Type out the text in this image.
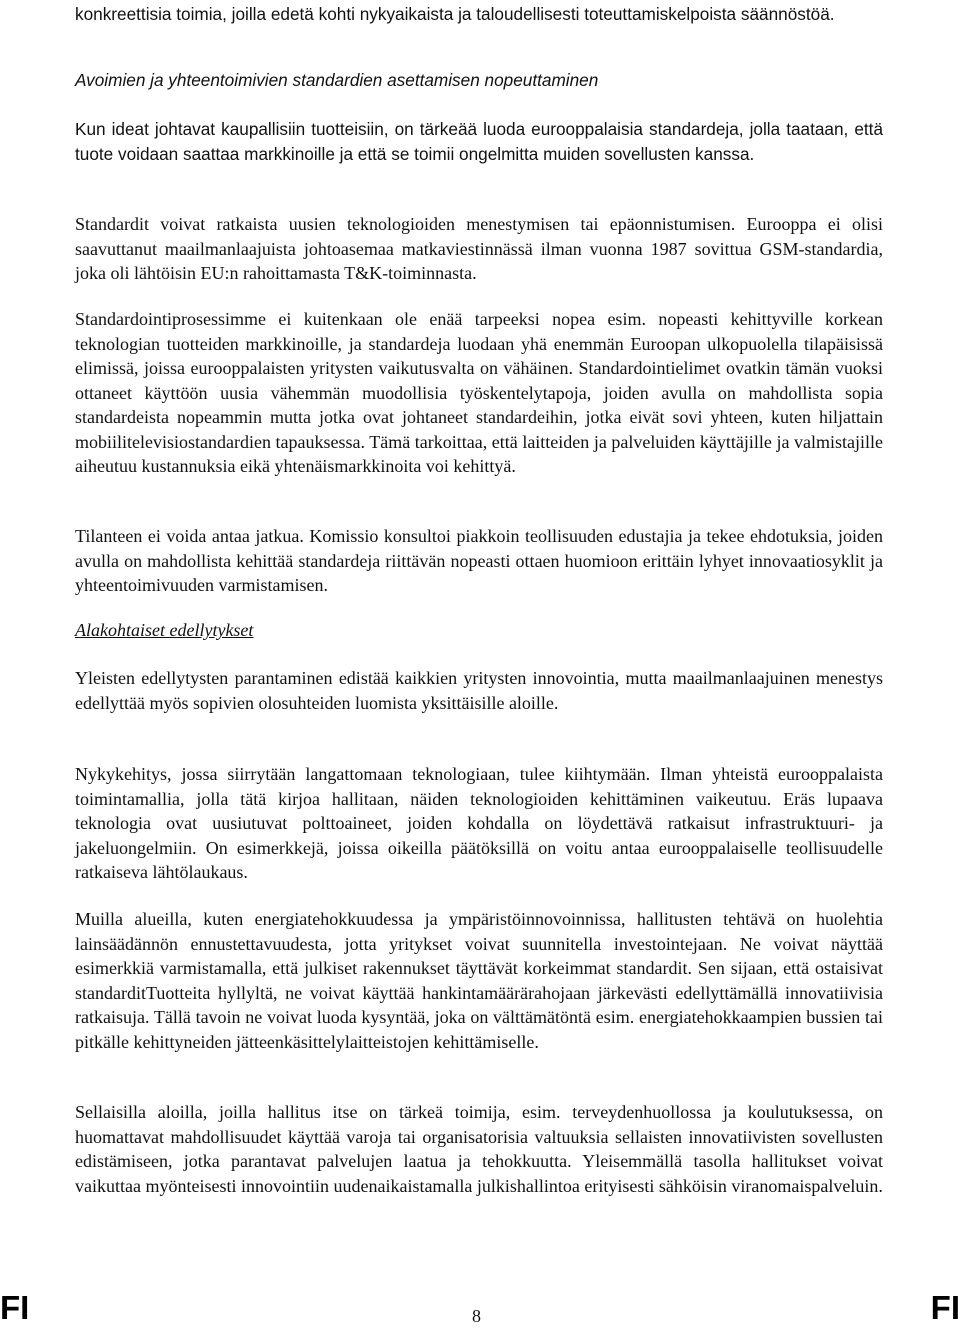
konkreettisia toimia, joilla edetä kohti nykyaikaista ja taloudellisesti toteuttamiskelpoista säännöstöä.

Avoimien ja yhteentoimivien standardien asettamisen nopeuttaminen

Kun ideat johtavat kaupallisiin tuotteisiin, on tärkeää luoda eurooppalaisia standardeja, jolla taataan, että tuote voidaan saattaa markkinoille ja että se toimii ongelmitta muiden sovellusten kanssa.

Standardit voivat ratkaista uusien teknologioiden menestymisen tai epäonnistumisen. Eurooppa ei olisi saavuttanut maailmanlaajuista johtoasemaa matkaviestinnässä ilman vuonna 1987 sovittua GSM-standardia, joka oli lähtöisin EU:n rahoittamasta T&K-toiminnasta.

Standardointiprosessimme ei kuitenkaan ole enää tarpeeksi nopea esim. nopeasti kehittyville korkean teknologian tuotteiden markkinoille, ja standardeja luodaan yhä enemmän Euroopan ulkopuolella tilapäisissä elimissä, joissa eurooppalaisten yritysten vaikutusvalta on vähäinen. Standardointielimet ovatkin tämän vuoksi ottaneet käyttöön uusia vähemmän muodollisia työskentelytapoja, joiden avulla on mahdollista sopia standardeista nopeammin mutta jotka ovat johtaneet standardeihin, jotka eivät sovi yhteen, kuten hiljattain mobiilitelevisiostandardien tapauksessa. Tämä tarkoittaa, että laitteiden ja palveluiden käyttäjille ja valmistajille aiheutuu kustannuksia eikä yhtenäismarkkinoita voi kehittyä.

Tilanteen ei voida antaa jatkua. Komissio konsultoi piakkoin teollisuuden edustajia ja tekee ehdotuksia, joiden avulla on mahdollista kehittää standardeja riittävän nopeasti ottaen huomioon erittäin lyhyet innovaatiosyklit ja yhteentoimivuuden varmistamisen.

Alakohtaiset edellytykset

Yleisten edellytysten parantaminen edistää kaikkien yritysten innovointia, mutta maailmanlaajuinen menestys edellyttää myös sopivien olosuhteiden luomista yksittäisille aloille.

Nykykehitys, jossa siirrytään langattomaan teknologiaan, tulee kiihtymään. Ilman yhteistä eurooppalaista toimintamallia, jolla tätä kirjoa hallitaan, näiden teknologioiden kehittäminen vaikeutuu. Eräs lupaava teknologia ovat uusiutuvat polttoaineet, joiden kohdalla on löydettävä ratkaisut infrastruktuuri- ja jakeluongelmiin. On esimerkkejä, joissa oikeilla päätöksillä on voitu antaa eurooppalaiselle teollisuudelle ratkaiseva lähtölaukaus.

Muilla alueilla, kuten energiatehokkuudessa ja ympäristöinnovoinnissa, hallitusten tehtävä on huolehtia lainsäädännön ennustettavuudesta, jotta yritykset voivat suunnitella investointejaan. Ne voivat näyttää esimerkkiä varmistamalla, että julkiset rakennukset täyttävät korkeimmat standardit. Sen sijaan, että ostaisivat standarditTuotteita hyllyltä, ne voivat käyttää hankintamäärärahojaan järkevästi edellyttämällä innovatiivisia ratkaisuja. Tällä tavoin ne voivat luoda kysyntää, joka on välttämätöntä esim. energiatehokkaampien bussien tai pitkälle kehittyneiden jätteenkäsittelylaitteistojen kehittämiselle.

Sellaisilla aloilla, joilla hallitus itse on tärkeä toimija, esim. terveydenhuollossa ja koulutuksessa, on huomattavat mahdollisuudet käyttää varoja tai organisatorisia valtuuksia sellaisten innovatiivisten sovellusten edistämiseen, jotka parantavat palvelujen laatua ja tehokkuutta. Yleisemmällä tasolla hallitukset voivat vaikuttaa myönteisesti innovointiin uudenaikaistamalla julkishallintoa erityisesti sähköisin viranomaispalveluin.

FI	8	FI
